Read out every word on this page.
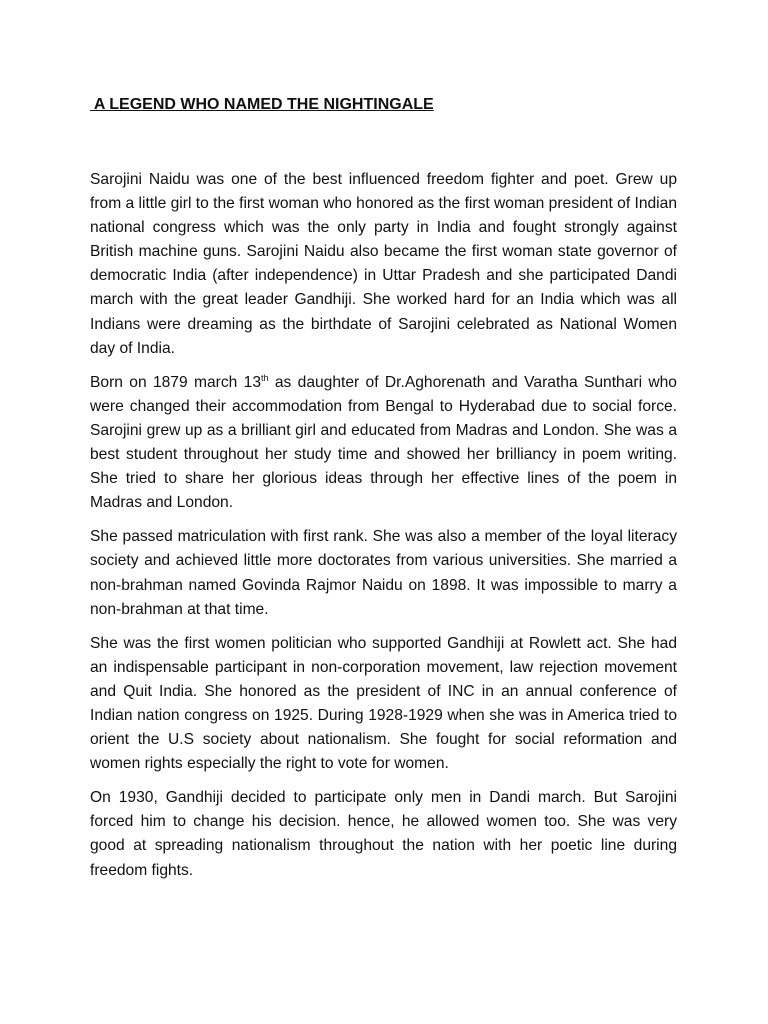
A LEGEND WHO NAMED THE NIGHTINGALE

Sarojini Naidu was one of the best influenced freedom fighter and poet. Grew up from a little girl to the first woman who honored as the first woman president of Indian national congress which was the only party in India and fought strongly against British machine guns. Sarojini Naidu also became the first woman state governor of democratic India (after independence) in Uttar Pradesh and she participated Dandi march with the great leader Gandhiji. She worked hard for an India which was all Indians were dreaming as the birthdate of Sarojini celebrated as National Women day of India.

Born on 1879 march 13th as daughter of Dr.Aghorenath and Varatha Sunthari who were changed their accommodation from Bengal to Hyderabad due to social force. Sarojini grew up as a brilliant girl and educated from Madras and London. She was a best student throughout her study time and showed her brilliancy in poem writing. She tried to share her glorious ideas through her effective lines of the poem in Madras and London.

She passed matriculation with first rank. She was also a member of the loyal literacy society and achieved little more doctorates from various universities. She married a non-brahman named Govinda Rajmor Naidu on 1898. It was impossible to marry a non-brahman at that time.

She was the first women politician who supported Gandhiji at Rowlett act. She had an indispensable participant in non-corporation movement, law rejection movement and Quit India. She honored as the president of INC in an annual conference of Indian nation congress on 1925. During 1928-1929 when she was in America tried to orient the U.S society about nationalism. She fought for social reformation and women rights especially the right to vote for women.

On 1930, Gandhiji decided to participate only men in Dandi march. But Sarojini forced him to change his decision. hence, he allowed women too. She was very good at spreading nationalism throughout the nation with her poetic line during freedom fights.
